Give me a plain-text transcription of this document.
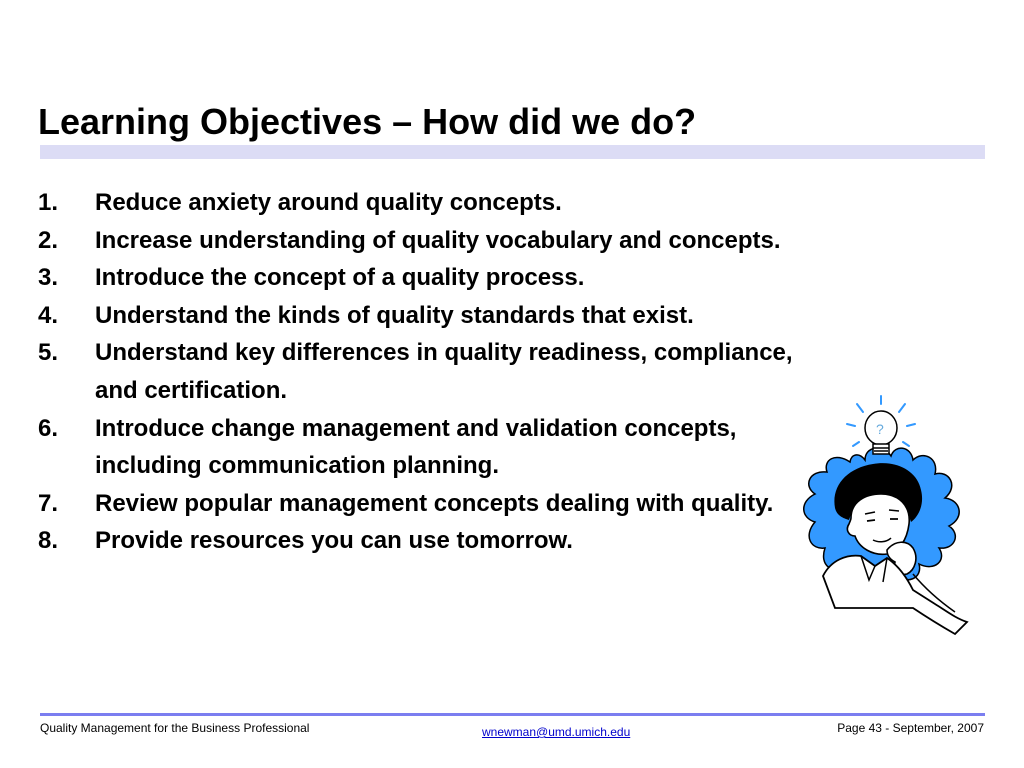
Learning Objectives – How did we do?
1.	Reduce anxiety around quality concepts.
2.	Increase understanding of quality vocabulary and concepts.
3.	Introduce the concept of a quality process.
4.	Understand the kinds of quality standards that exist.
5.	Understand key differences in quality readiness, compliance, and certification.
6.	Introduce change management and validation concepts, including communication planning.
7.	Review popular management concepts dealing with quality.
8.	Provide resources you can use tomorrow.
?
Quality Management for the Business Professional	wnewman@umd.umich.edu	Page 43 - September, 2007
